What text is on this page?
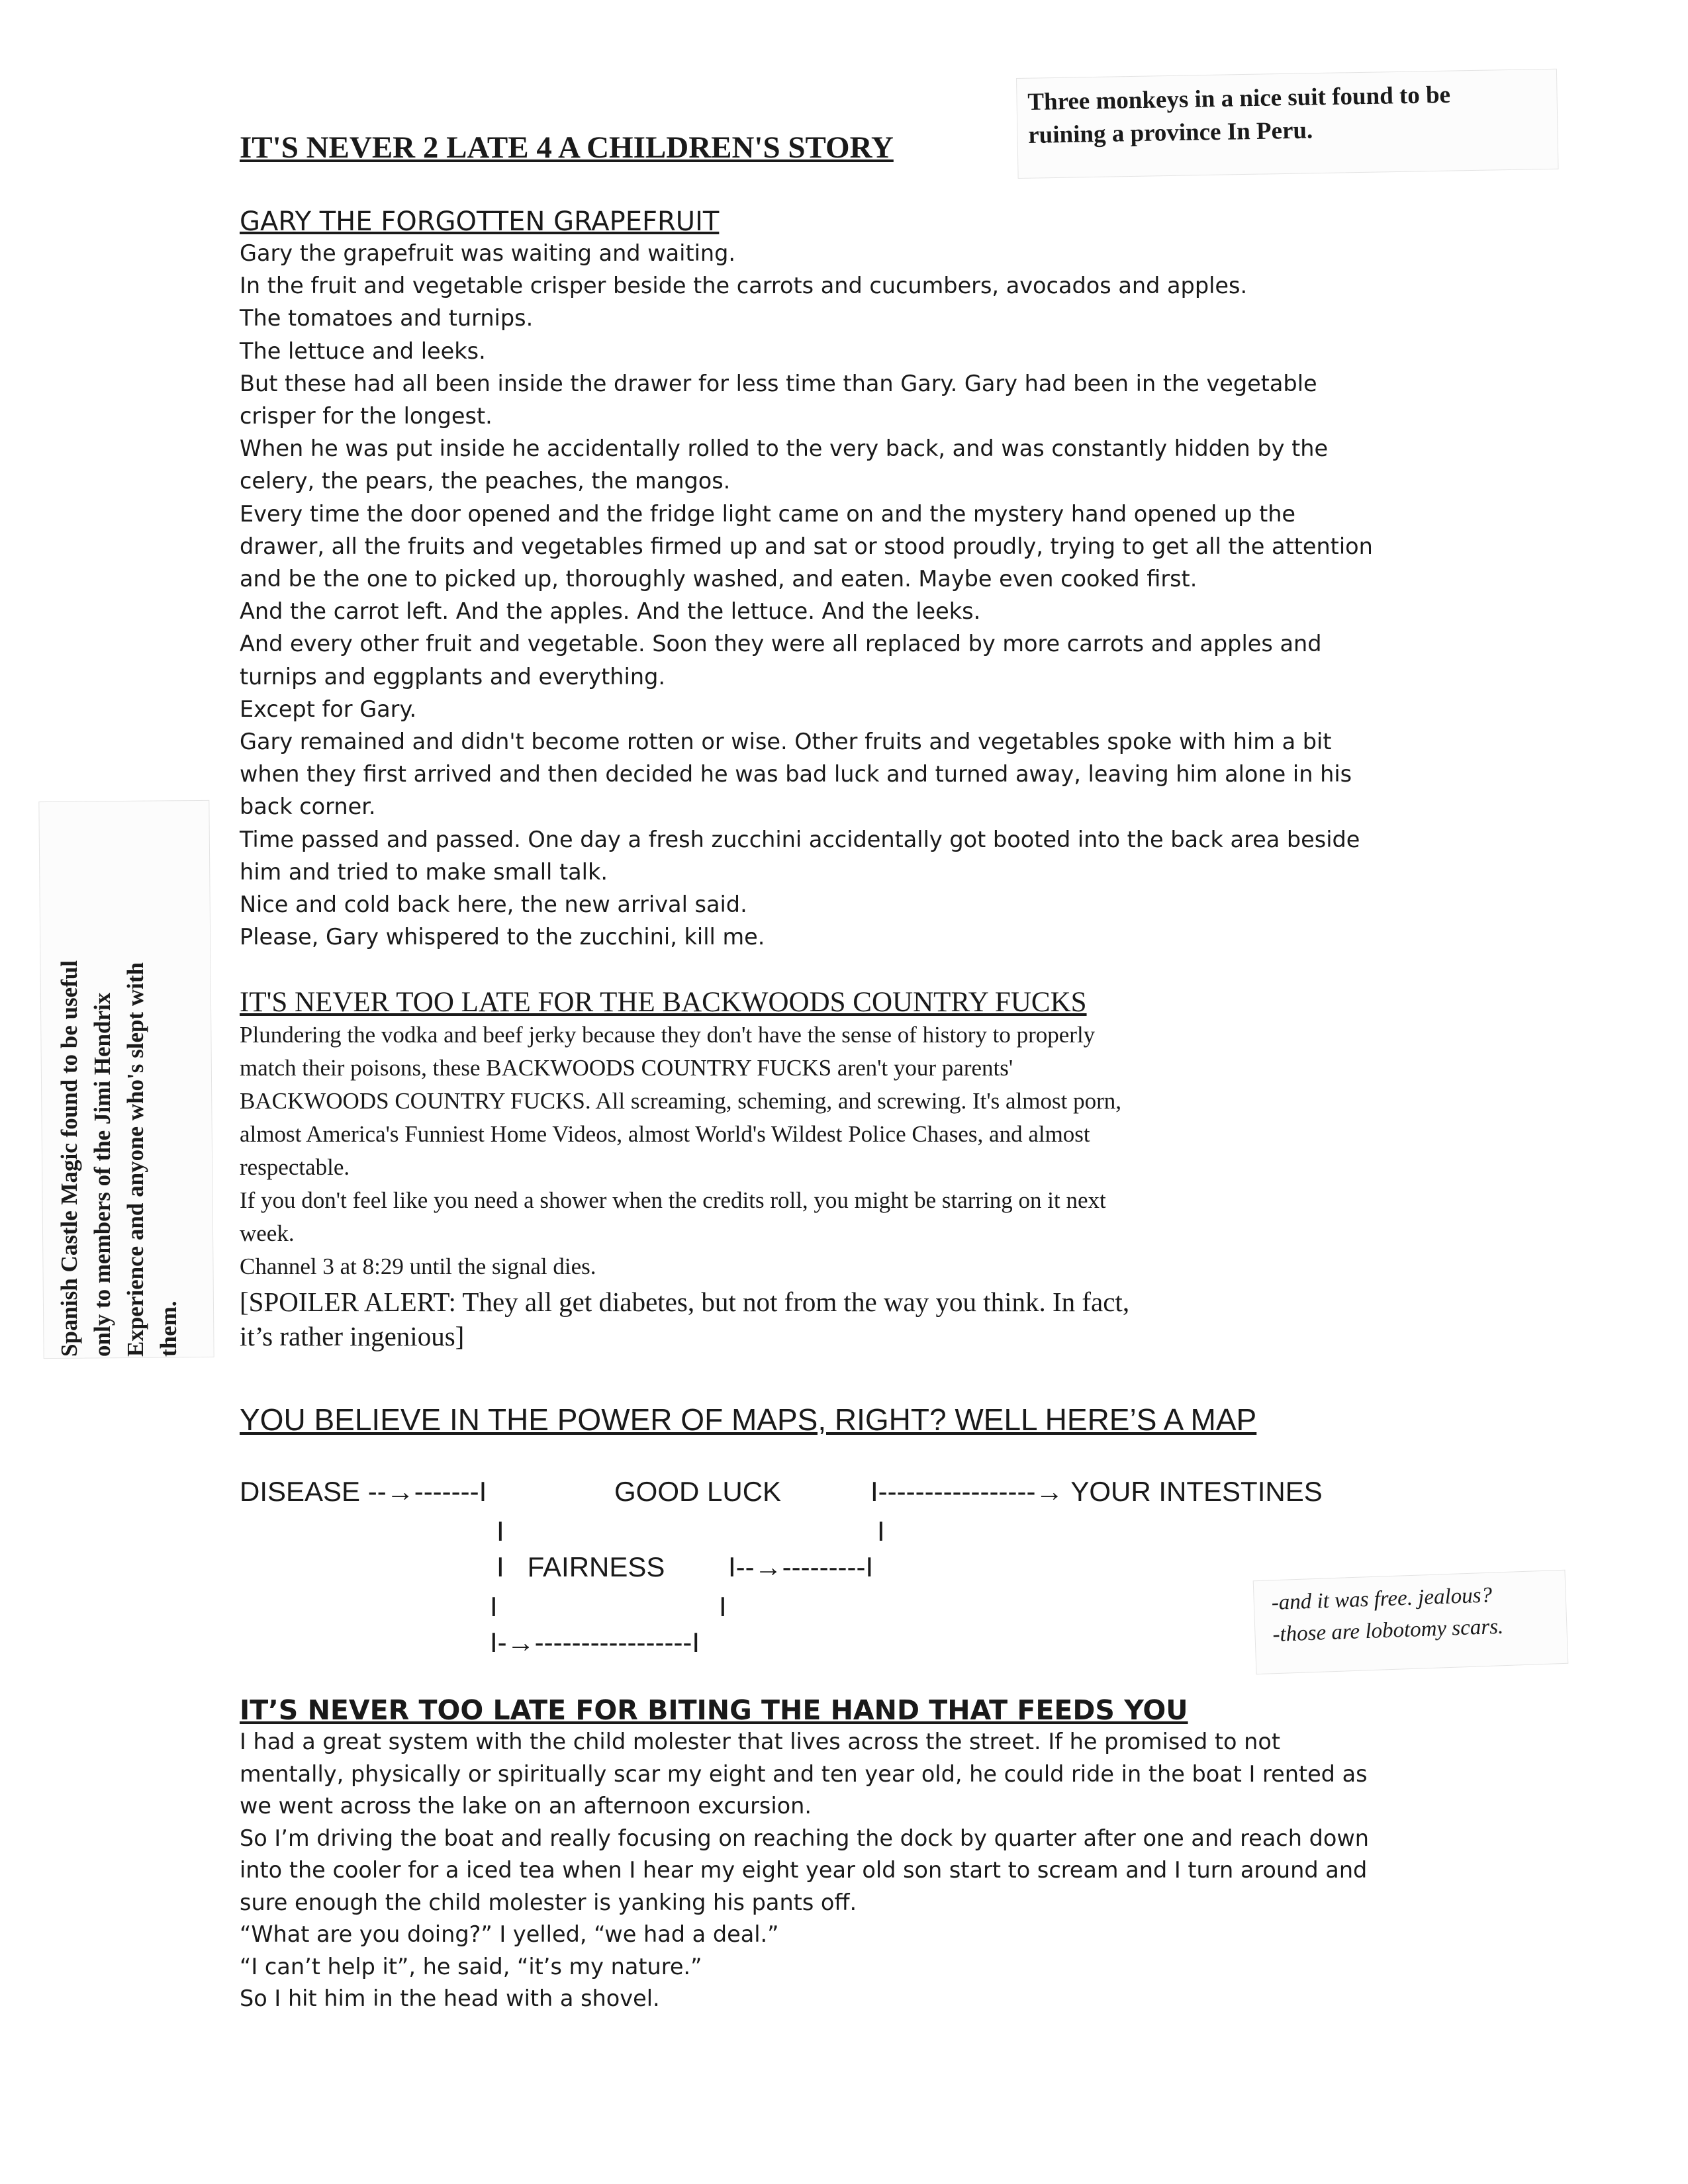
IT'S NEVER 2 LATE 4 A CHILDREN'S STORY
Three monkeys in a nice suit found to be
ruining a province In Peru.
Spanish Castle Magic found to be useful only to members of the Jimi Hendrix Experience and anyone who's slept with them.
GARY THE FORGOTTEN GRAPEFRUIT

Gary the grapefruit was waiting and waiting.

In the fruit and vegetable crisper beside the carrots and cucumbers, avocados and apples.

The tomatoes and turnips.

The lettuce and leeks.

But these had all been inside the drawer for less time than Gary. Gary had been in the vegetable

crisper for the longest.

When he was put inside he accidentally rolled to the very back, and was constantly hidden by the

celery, the pears, the peaches, the mangos.

Every time the door opened and the fridge light came on and the mystery hand opened up the

drawer, all the fruits and vegetables firmed up and sat or stood proudly, trying to get all the attention

and be the one to picked up, thoroughly washed, and eaten. Maybe even cooked first.

And the carrot left. And the apples. And the lettuce. And the leeks.

And every other fruit and vegetable. Soon they were all replaced by more carrots and apples and

turnips and eggplants and everything.

Except for Gary.

Gary remained and didn't become rotten or wise. Other fruits and vegetables spoke with him a bit

when they first arrived and then decided he was bad luck and turned away, leaving him alone in his

back corner.

Time passed and passed. One day a fresh zucchini accidentally got booted into the back area beside

him and tried to make small talk.

Nice and cold back here, the new arrival said.

Please, Gary whispered to the zucchini, kill me.

IT'S NEVER TOO LATE FOR THE BACKWOODS COUNTRY FUCKS

Plundering the vodka and beef jerky because they don't have the sense of history to properly

match their poisons, these BACKWOODS COUNTRY FUCKS aren't your parents'

BACKWOODS COUNTRY FUCKS. All screaming, scheming, and screwing. It's almost porn,

almost America's Funniest Home Videos, almost World's Wildest Police Chases, and almost

respectable.

If you don't feel like you need a shower when the credits roll, you might be starring on it next

week.

Channel 3 at 8:29 until the signal dies.

[SPOILER ALERT: They all get diabetes, but not from the way you think. In fact,

it’s rather ingenious]

YOU BELIEVE IN THE POWER OF MAPS, RIGHT? WELL HERE’S A MAP
DISEASE --→-------I	GOOD LUCK	I-----------------→ YOUR INTESTINES
I	I
I   FAIRNESS I--→---------I
I	I
I-→-----------------I
-and it was free. jealous?
-those are lobotomy scars.
IT’S NEVER TOO LATE FOR BITING THE HAND THAT FEEDS YOU

I had a great system with the child molester that lives across the street. If he promised to not

mentally, physically or spiritually scar my eight and ten year old, he could ride in the boat I rented as

we went across the lake on an afternoon excursion.

So I’m driving the boat and really focusing on reaching the dock by quarter after one and reach down

into the cooler for a iced tea when I hear my eight year old son start to scream and I turn around and

sure enough the child molester is yanking his pants off.

“What are you doing?” I yelled, “we had a deal.”

“I can’t help it”, he said, “it’s my nature.”

So I hit him in the head with a shovel.
